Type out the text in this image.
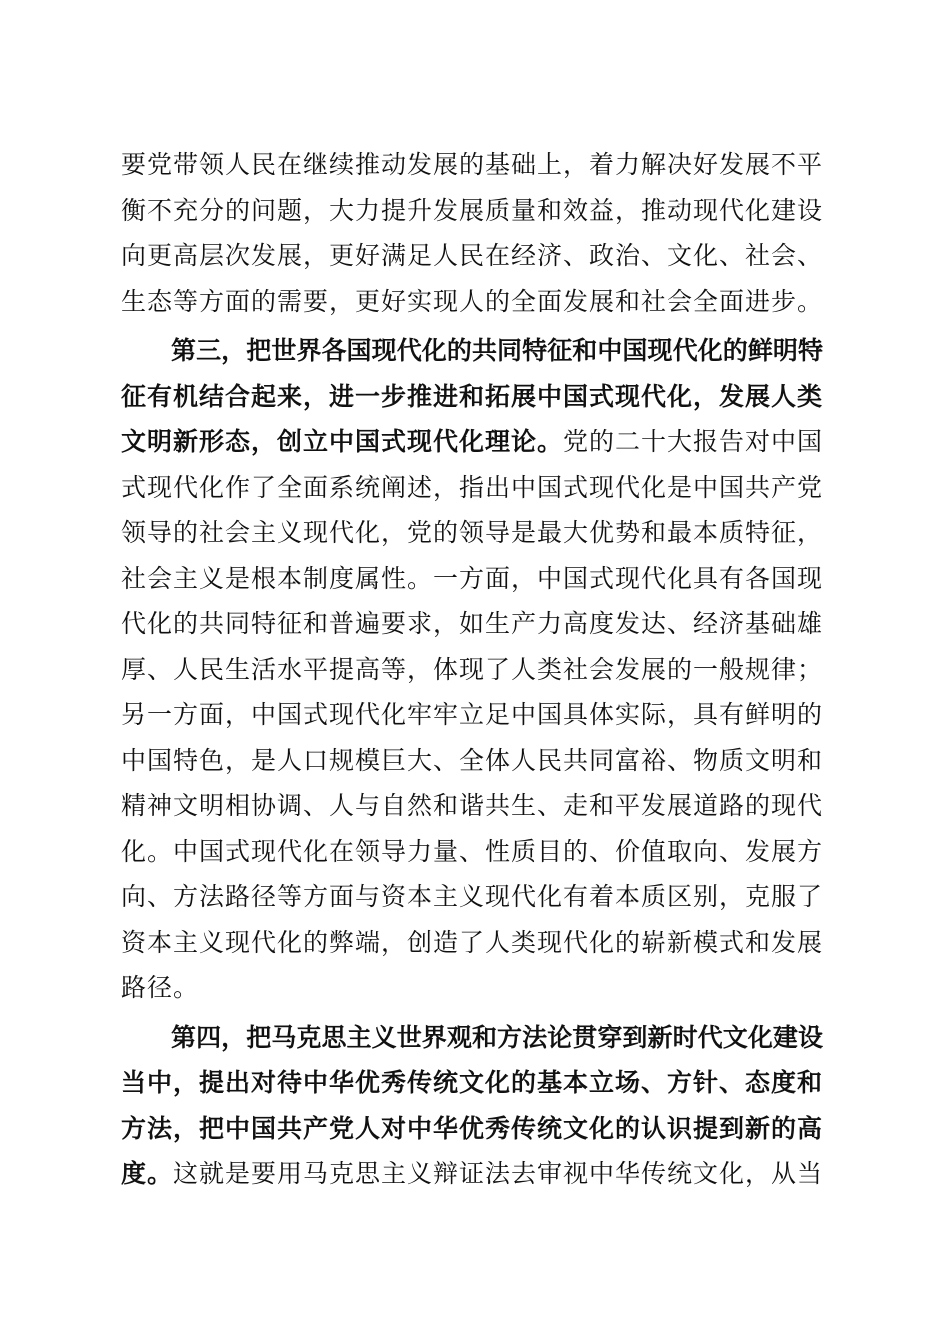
要党带领人民在继续推动发展的基础上，着力解决好发展不平
衡不充分的问题，大力提升发展质量和效益，推动现代化建设
向更高层次发展，更好满足人民在经济、政治、文化、社会、
生态等方面的需要，更好实现人的全面发展和社会全面进步。
第三，把世界各国现代化的共同特征和中国现代化的鲜明特
征有机结合起来，进一步推进和拓展中国式现代化，发展人类
文明新形态，创立中国式现代化理论。党的二十大报告对中国
式现代化作了全面系统阐述，指出中国式现代化是中国共产党
领导的社会主义现代化，党的领导是最大优势和最本质特征，
社会主义是根本制度属性。一方面，中国式现代化具有各国现
代化的共同特征和普遍要求，如生产力高度发达、经济基础雄
厚、人民生活水平提高等，体现了人类社会发展的一般规律；
另一方面，中国式现代化牢牢立足中国具体实际，具有鲜明的
中国特色，是人口规模巨大、全体人民共同富裕、物质文明和
精神文明相协调、人与自然和谐共生、走和平发展道路的现代
化。中国式现代化在领导力量、性质目的、价值取向、发展方
向、方法路径等方面与资本主义现代化有着本质区别，克服了
资本主义现代化的弊端，创造了人类现代化的崭新模式和发展
路径。
第四，把马克思主义世界观和方法论贯穿到新时代文化建设
当中，提出对待中华优秀传统文化的基本立场、方针、态度和
方法，把中国共产党人对中华优秀传统文化的认识提到新的高
度。这就是要用马克思主义辩证法去审视中华传统文化，从当
